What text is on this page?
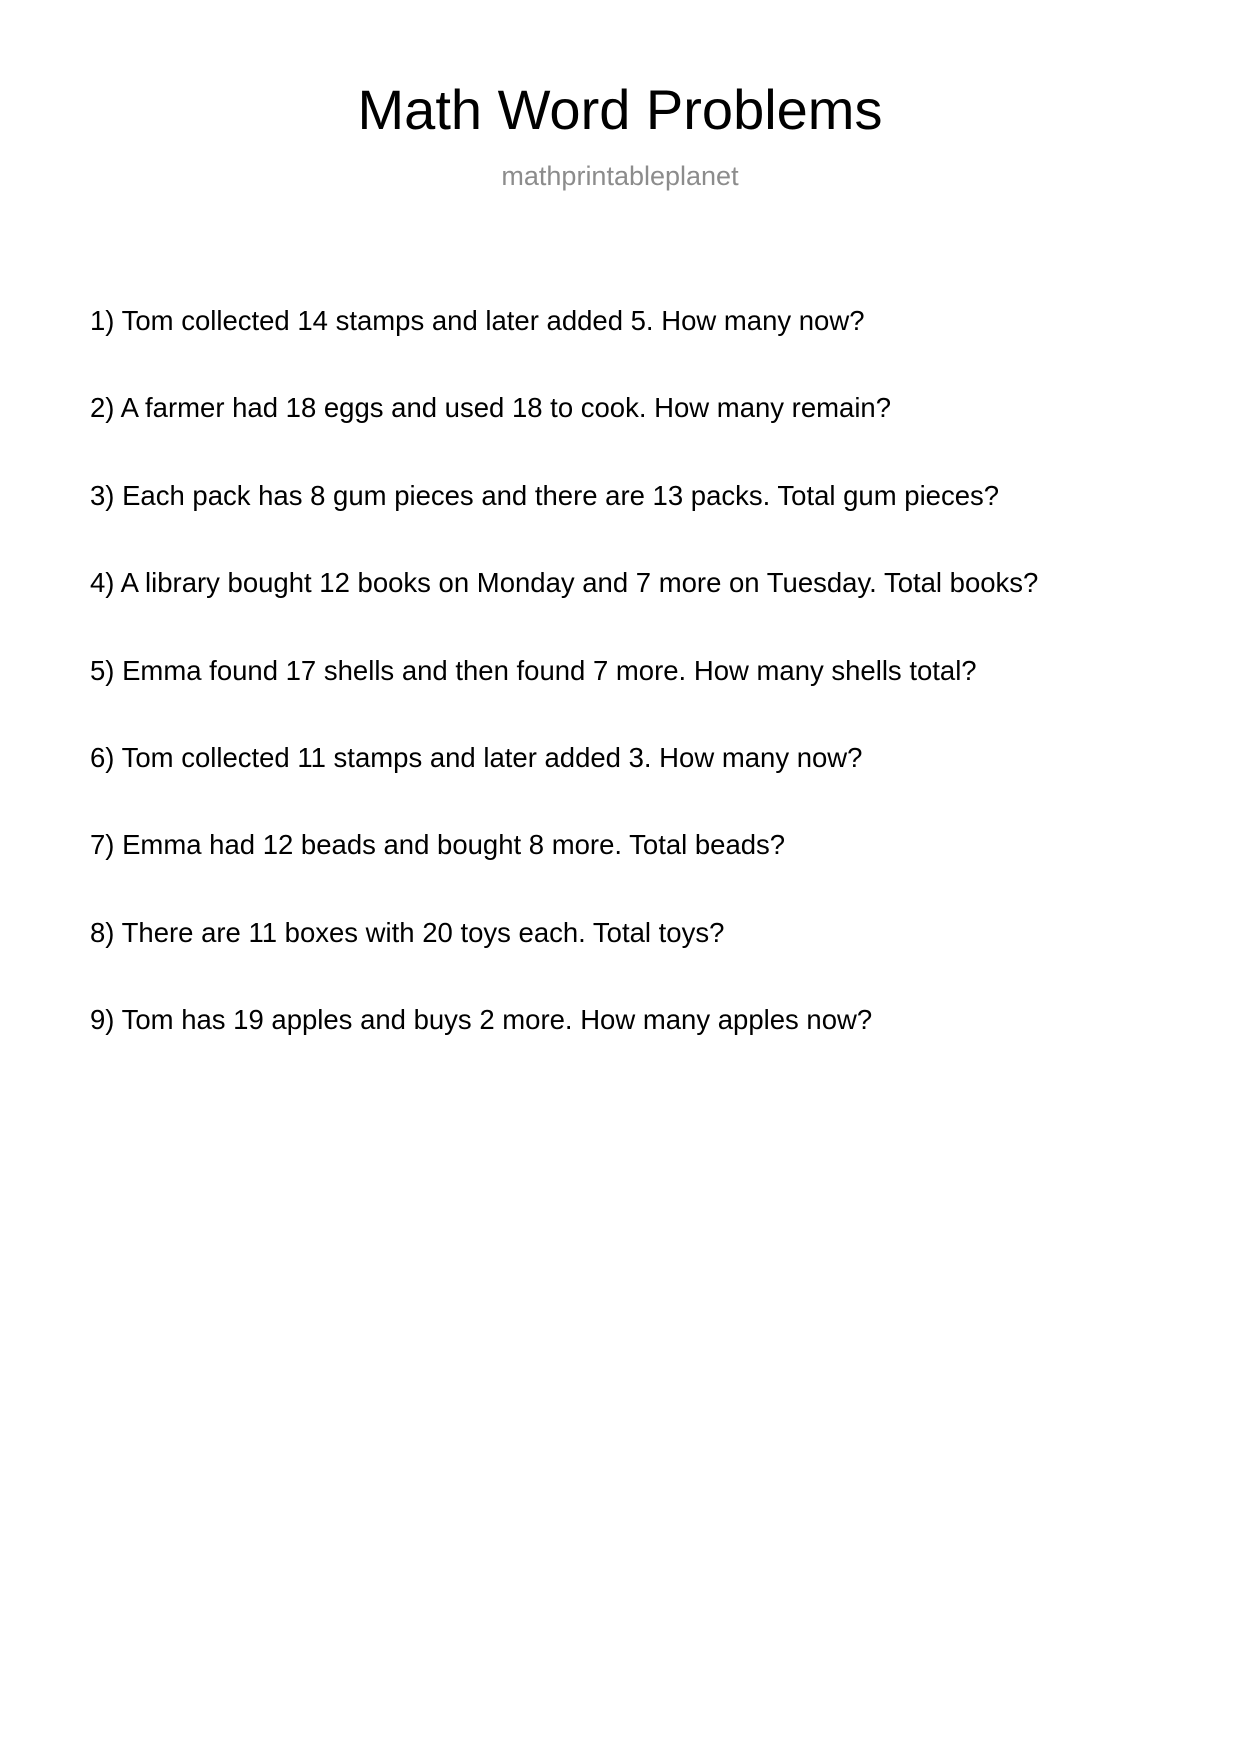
Math Word Problems

mathprintableplanet

1) Tom collected 14 stamps and later added 5. How many now?
2) A farmer had 18 eggs and used 18 to cook. How many remain?
3) Each pack has 8 gum pieces and there are 13 packs. Total gum pieces?
4) A library bought 12 books on Monday and 7 more on Tuesday. Total books?
5) Emma found 17 shells and then found 7 more. How many shells total?
6) Tom collected 11 stamps and later added 3. How many now?
7) Emma had 12 beads and bought 8 more. Total beads?
8) There are 11 boxes with 20 toys each. Total toys?
9) Tom has 19 apples and buys 2 more. How many apples now?
